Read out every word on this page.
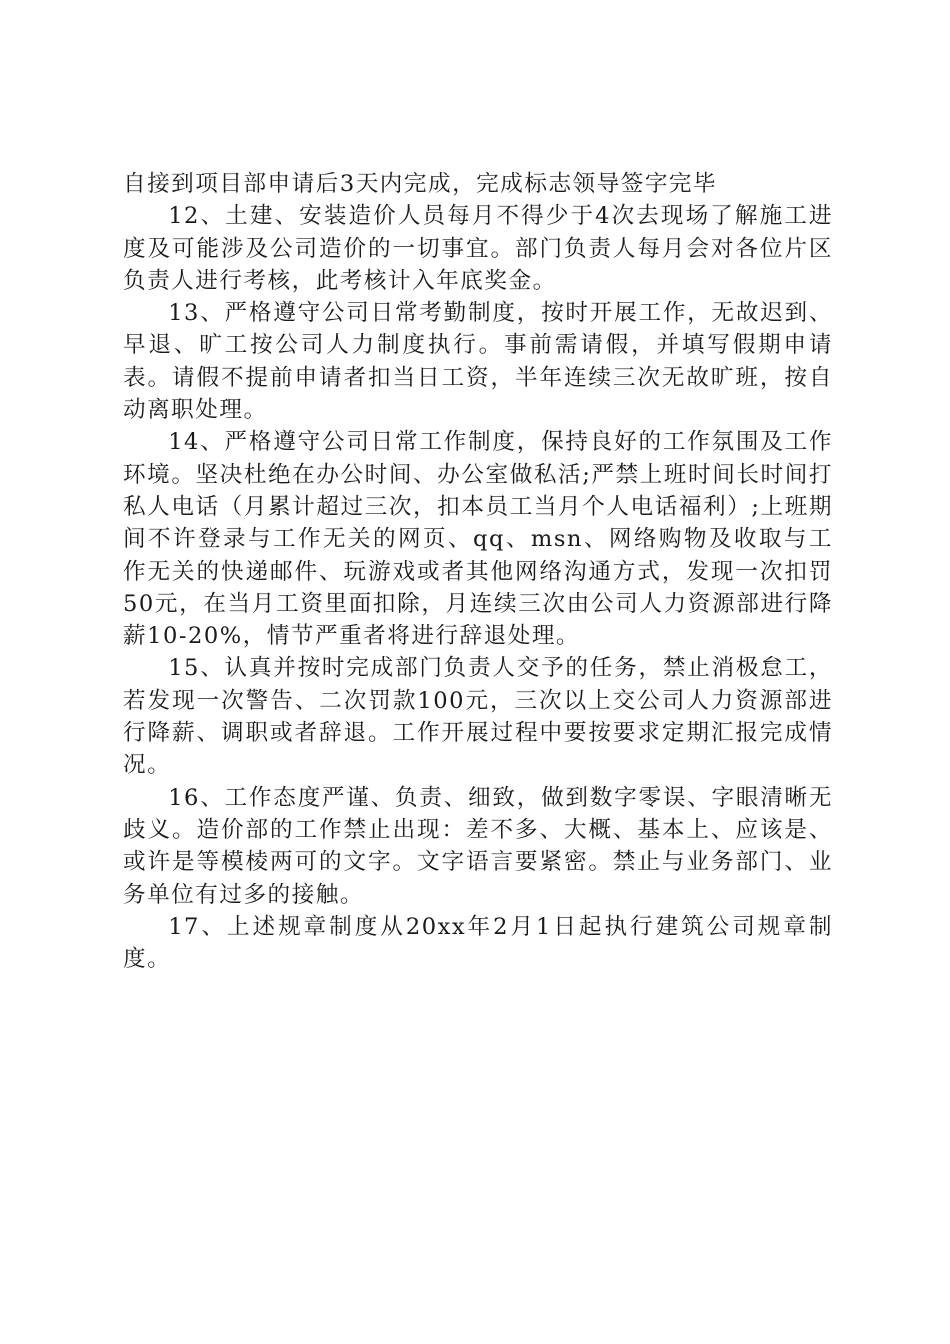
自接到项目部申请后3天内完成，完成标志领导签字完毕

12、土建、安装造价人员每月不得少于4次去现场了解施工进度及可能涉及公司造价的一切事宜。部门负责人每月会对各位片区负责人进行考核，此考核计入年底奖金。

13、严格遵守公司日常考勤制度，按时开展工作，无故迟到、早退、旷工按公司人力制度执行。事前需请假，并填写假期申请表。请假不提前申请者扣当日工资，半年连续三次无故旷班，按自动离职处理。

14、严格遵守公司日常工作制度，保持良好的工作氛围及工作环境。坚决杜绝在办公时间、办公室做私活;严禁上班时间长时间打私人电话（月累计超过三次，扣本员工当月个人电话福利）;上班期间不许登录与工作无关的网页、qq、msn、网络购物及收取与工作无关的快递邮件、玩游戏或者其他网络沟通方式，发现一次扣罚50元，在当月工资里面扣除，月连续三次由公司人力资源部进行降薪10-20%，情节严重者将进行辞退处理。

15、认真并按时完成部门负责人交予的任务，禁止消极怠工，若发现一次警告、二次罚款100元，三次以上交公司人力资源部进行降薪、调职或者辞退。工作开展过程中要按要求定期汇报完成情况。

16、工作态度严谨、负责、细致，做到数字零误、字眼清晰无歧义。造价部的工作禁止出现：差不多、大概、基本上、应该是、或许是等模棱两可的文字。文字语言要紧密。禁止与业务部门、业务单位有过多的接触。

17、上述规章制度从20xx年2月1日起执行建筑公司规章制度。
